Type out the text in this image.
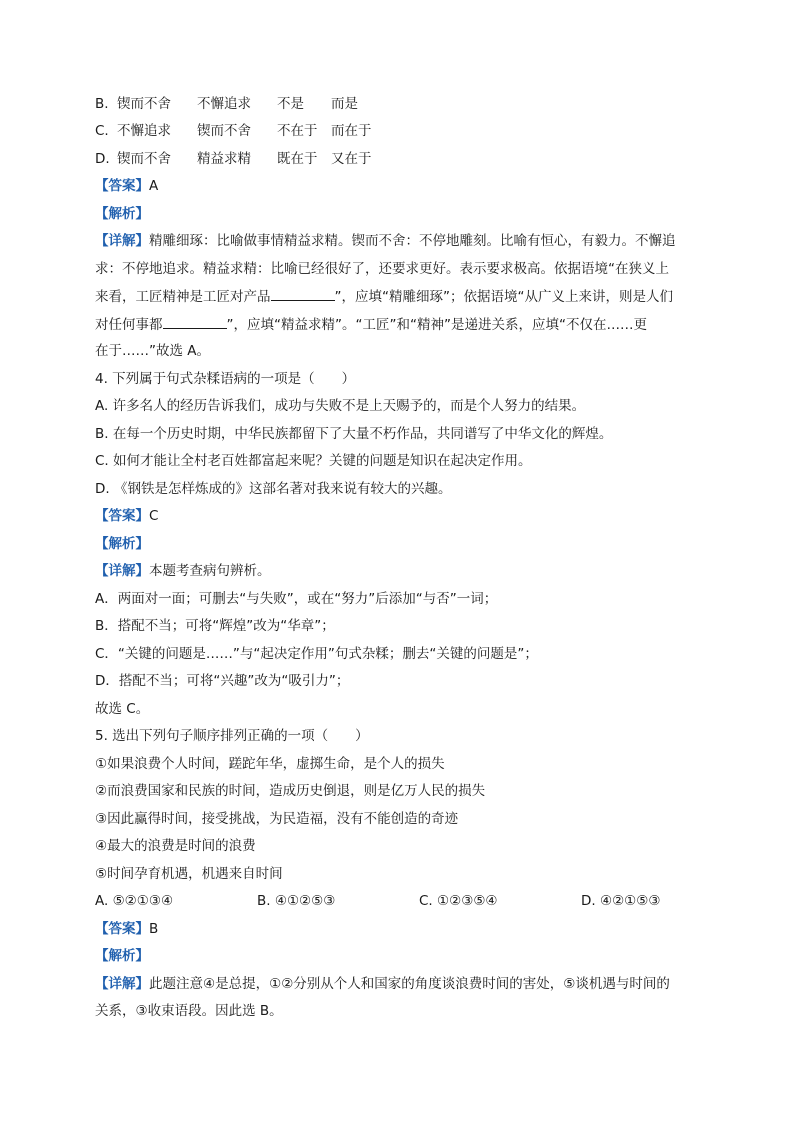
B. 锲而不舍 不懈追求 不是 而是
C. 不懈追求 锲而不舍 不在于 而在于
D. 锲而不舍 精益求精 既在于 又在于
【答案】A
【解析】
【详解】精雕细琢：比喻做事情精益求精。锲而不舍：不停地雕刻。比喻有恒心，有毅力。不懈追
求：不停地追求。精益求精：比喻已经很好了，还要求更好。表示要求极高。依据语境“在狭义上
来看，工匠精神是工匠对产品	”，应填“精雕细琢”；依据语境“从广义上来讲，则是人们
对任何事都	”，应填“精益求精”。“工匠”和“精神”是递进关系，应填“不仅在……更
在于……”故选 A。
4. 下列属于句式杂糅语病的一项是（　　）
A. 许多名人的经历告诉我们，成功与失败不是上天赐予的，而是个人努力的结果。
B. 在每一个历史时期，中华民族都留下了大量不朽作品，共同谱写了中华文化的辉煌。
C. 如何才能让全村老百姓都富起来呢？关键的问题是知识在起决定作用。
D. 《钢铁是怎样炼成的》这部名著对我来说有较大的兴趣。
【答案】C
【解析】
【详解】本题考查病句辨析。
A．两面对一面；可删去“与失败”，或在“努力”后添加“与否”一词；
B．搭配不当；可将“辉煌”改为“华章”；
C．“关键的问题是……”与“起决定作用”句式杂糅；删去“关键的问题是”；
D．搭配不当；可将“兴趣”改为“吸引力”；
故选 C。
5. 选出下列句子顺序排列正确的一项（　　）
①如果浪费个人时间，蹉跎年华，虚掷生命，是个人的损失
②而浪费国家和民族的时间，造成历史倒退，则是亿万人民的损失
③因此赢得时间，接受挑战，为民造福，没有不能创造的奇迹
④最大的浪费是时间的浪费
⑤时间孕育机遇，机遇来自时间
A. ⑤②①③④	B. ④①②⑤③	C. ①②③⑤④	D. ④②①⑤③
【答案】B
【解析】
【详解】此题注意④是总提，①②分别从个人和国家的角度谈浪费时间的害处，⑤谈机遇与时间的
关系，③收束语段。因此选 B。
